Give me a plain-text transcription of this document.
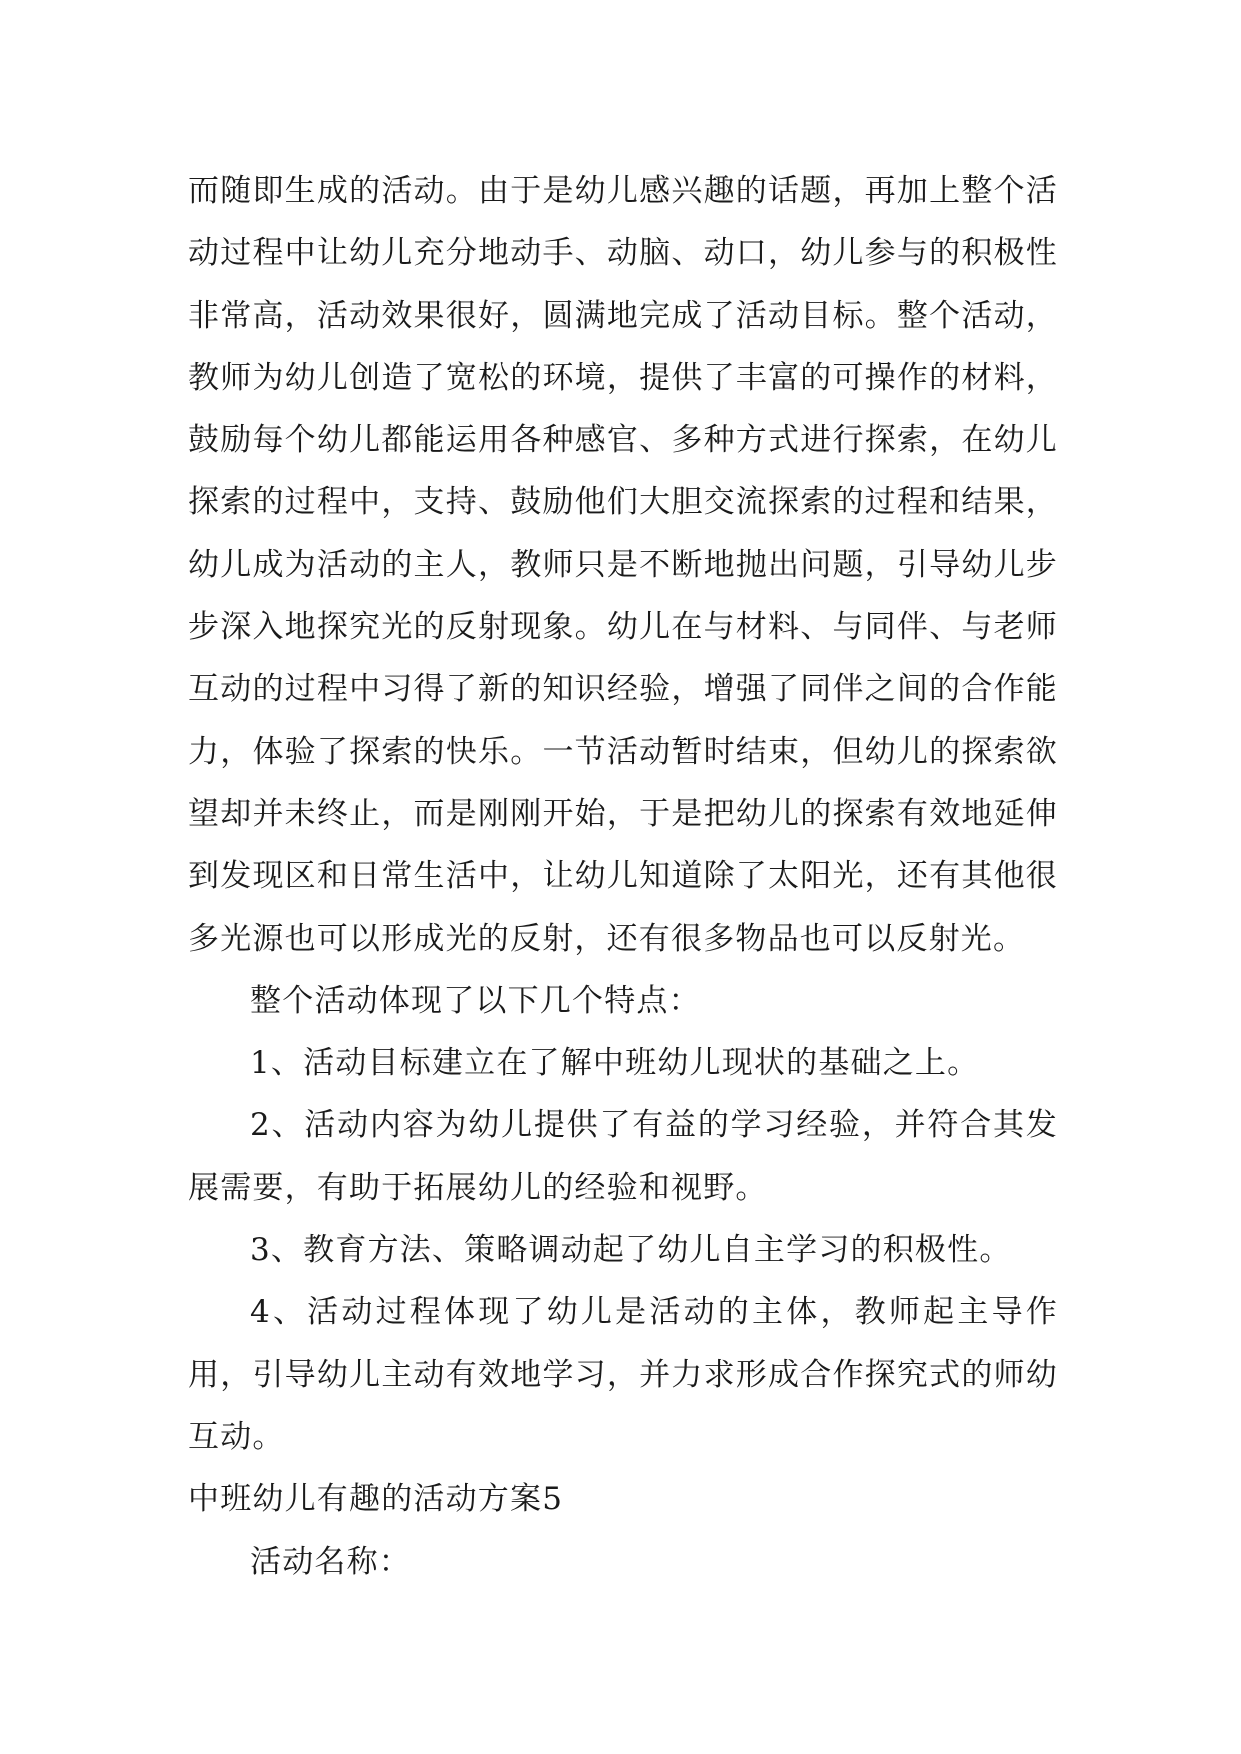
而随即生成的活动。由于是幼儿感兴趣的话题，再加上整个活动过程中让幼儿充分地动手、动脑、动口，幼儿参与的积极性非常高，活动效果很好，圆满地完成了活动目标。整个活动，教师为幼儿创造了宽松的环境，提供了丰富的可操作的材料，鼓励每个幼儿都能运用各种感官、多种方式进行探索，在幼儿探索的过程中，支持、鼓励他们大胆交流探索的过程和结果，幼儿成为活动的主人，教师只是不断地抛出问题，引导幼儿步步深入地探究光的反射现象。幼儿在与材料、与同伴、与老师互动的过程中习得了新的知识经验，增强了同伴之间的合作能力，体验了探索的快乐。一节活动暂时结束，但幼儿的探索欲望却并未终止，而是刚刚开始，于是把幼儿的探索有效地延伸到发现区和日常生活中，让幼儿知道除了太阳光，还有其他很多光源也可以形成光的反射，还有很多物品也可以反射光。

整个活动体现了以下几个特点：

1、活动目标建立在了解中班幼儿现状的基础之上。

2、活动内容为幼儿提供了有益的学习经验，并符合其发展需要，有助于拓展幼儿的经验和视野。

3、教育方法、策略调动起了幼儿自主学习的积极性。

4、活动过程体现了幼儿是活动的主体，教师起主导作用，引导幼儿主动有效地学习，并力求形成合作探究式的师幼互动。

中班幼儿有趣的活动方案5

活动名称：
